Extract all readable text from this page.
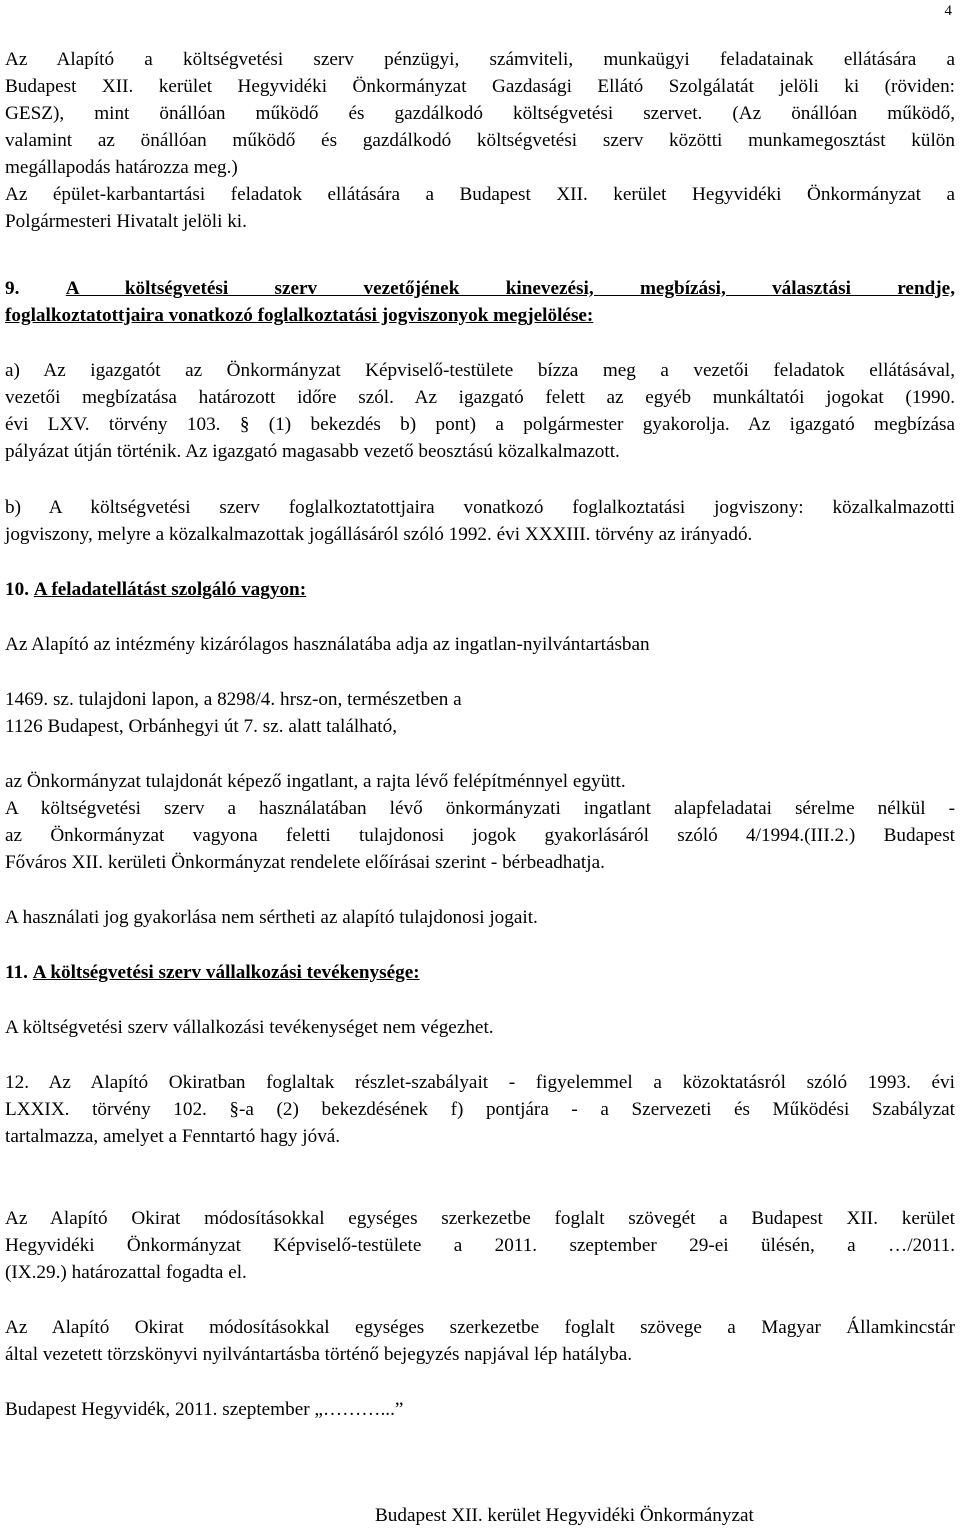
4

Az Alapító a költségvetési szerv pénzügyi, számviteli, munkaügyi feladatainak ellátására a

Budapest XII. kerület Hegyvidéki Önkormányzat Gazdasági Ellátó Szolgálatát jelöli ki (röviden:

GESZ), mint önállóan működő és gazdálkodó költségvetési szervet. (Az önállóan működő,

valamint az önállóan működő és gazdálkodó költségvetési szerv közötti munkamegosztást külön

megállapodás határozza meg.)

Az épület-karbantartási feladatok ellátására a Budapest XII. kerület Hegyvidéki Önkormányzat a

Polgármesteri Hivatalt jelöli ki.

9. A költségvetési szerv vezetőjének kinevezési, megbízási, választási rendje,

foglalkoztatottjaira vonatkozó foglalkoztatási jogviszonyok megjelölése:

a) Az igazgatót az Önkormányzat Képviselő-testülete bízza meg a vezetői feladatok ellátásával,

vezetői megbízatása határozott időre szól. Az igazgató felett az egyéb munkáltatói jogokat (1990.

évi LXV. törvény 103. § (1) bekezdés b) pont) a polgármester gyakorolja. Az igazgató megbízása

pályázat útján történik. Az igazgató magasabb vezető beosztású közalkalmazott.

b) A költségvetési szerv foglalkoztatottjaira vonatkozó foglalkoztatási jogviszony: közalkalmazotti

jogviszony, melyre a közalkalmazottak jogállásáról szóló 1992. évi XXXIII. törvény az irányadó.

10. A feladatellátást szolgáló vagyon:

Az Alapító az intézmény kizárólagos használatába adja az ingatlan-nyilvántartásban

1469. sz. tulajdoni lapon, a 8298/4. hrsz-on, természetben a

1126 Budapest, Orbánhegyi út 7. sz. alatt található,

az Önkormányzat tulajdonát képező ingatlant, a rajta lévő felépítménnyel együtt.

A költségvetési szerv a használatában lévő önkormányzati ingatlant alapfeladatai sérelme nélkül -

az Önkormányzat vagyona feletti tulajdonosi jogok gyakorlásáról szóló 4/1994.(III.2.) Budapest

Főváros XII. kerületi Önkormányzat rendelete előírásai szerint - bérbeadhatja.

A használati jog gyakorlása nem sértheti az alapító tulajdonosi jogait.

11. A költségvetési szerv vállalkozási tevékenysége:

A költségvetési szerv vállalkozási tevékenységet nem végezhet.

12. Az Alapító Okiratban foglaltak részlet-szabályait - figyelemmel a közoktatásról szóló 1993. évi

LXXIX. törvény 102. §-a (2) bekezdésének f) pontjára - a Szervezeti és Működési Szabályzat

tartalmazza, amelyet a Fenntartó hagy jóvá.

Az Alapító Okirat módosításokkal egységes szerkezetbe foglalt szövegét a Budapest XII. kerület

Hegyvidéki Önkormányzat Képviselő-testülete a 2011. szeptember 29-ei ülésén, a …/2011.

(IX.29.) határozattal fogadta el.

Az Alapító Okirat módosításokkal egységes szerkezetbe foglalt szövege a Magyar Államkincstár

által vezetett törzskönyvi nyilvántartásba történő bejegyzés napjával lép hatályba.

Budapest Hegyvidék, 2011. szeptember „………...”

Budapest XII. kerület Hegyvidéki Önkormányzat
